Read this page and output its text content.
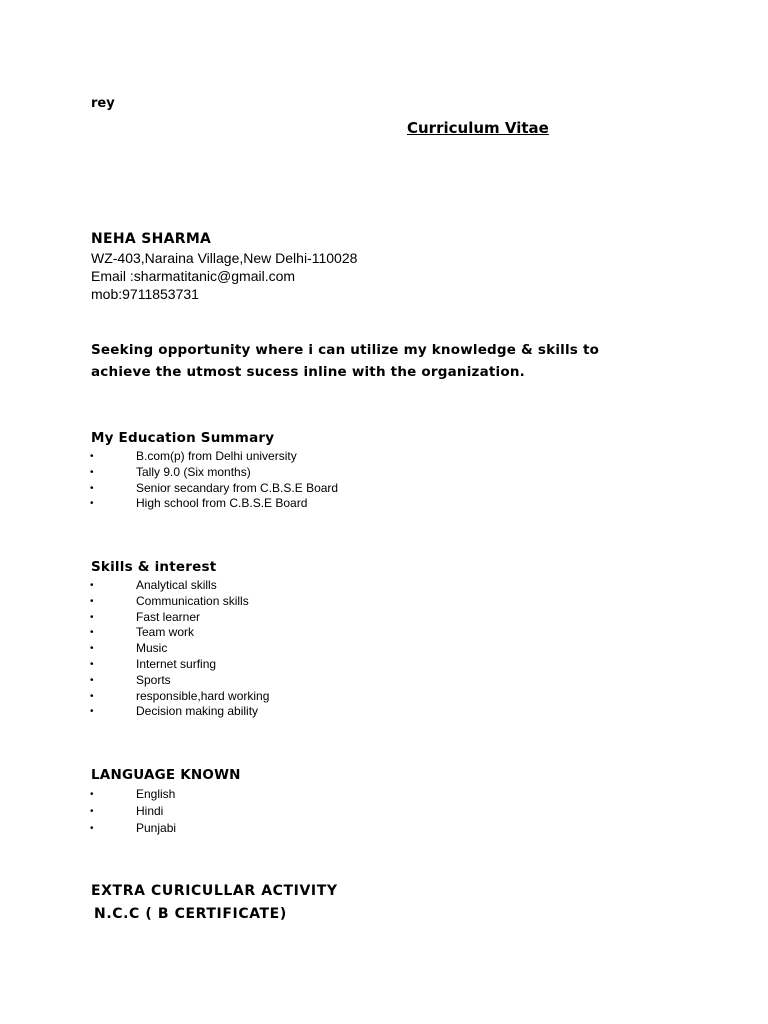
rey
Curriculum Vitae
NEHA SHARMA
WZ-403,Naraina Village,New Delhi-110028
Email :sharmatitanic@gmail.com
mob:9711853731
Seeking opportunity where i can utilize my knowledge & skills to
achieve the utmost sucess inline with the organization.
My Education Summary
•	B.com(p) from Delhi university
•	Tally 9.0 (Six months)
•	Senior secandary from C.B.S.E Board
•	High school from C.B.S.E Board
Skills & interest
•	Analytical skills
•	Communication skills
•	Fast learner
•	Team work
•	Music
•	Internet surfing
•	Sports
•	responsible,hard working
•	Decision making ability
LANGUAGE KNOWN
•	English
•	Hindi
•	Punjabi
EXTRA CURICULLAR ACTIVITY
N.C.C ( B CERTIFICATE)
